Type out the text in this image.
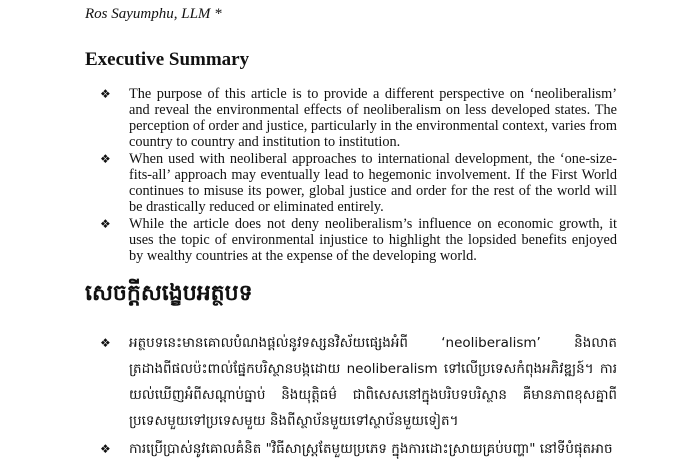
Ros Sayumphu, LLM *
Executive Summary
❖ The purpose of this article is to provide a different perspective on ‘neoliberalism’ and reveal the environmental effects of neoliberalism on less developed states. The perception of order and justice, particularly in the environmental context, varies from country to country and institution to institution.
❖ When used with neoliberal approaches to international development, the ‘one-size-fits-all’ approach may eventually lead to hegemonic involvement. If the First World continues to misuse its power, global justice and order for the rest of the world will be drastically reduced or eliminated entirely.
❖ While the article does not deny neoliberalism’s influence on economic growth, it uses the topic of environmental injustice to highlight the lopsided benefits enjoyed by wealthy countries at the expense of the developing world.
សេចក្តីសង្ខេបអត្ថបទ
❖ អត្ថបទនេះមានគោលបំណងផ្តល់នូវទស្សនវិស័យផ្សេងអំពី ‘neoliberalism’ និងលាតត្រដាងពីផលប៉ះពាល់ផ្នែកបរិស្ថានបង្កដោយ neoliberalism ទៅលើប្រទេសកំពុងអភិវឌ្ឍន៍។ ការយល់ឃើញអំពីសណ្តាប់ធ្នាប់ និងយុត្តិធម៌ ជាពិសេសនៅក្នុងបរិបទបរិស្ថាន គឺមានភាពខុសគ្នាពីប្រទេសមួយទៅប្រទេសមួយ និងពីស្ថាប័នមួយទៅស្ថាប័នមួយទៀត។
❖ ការប្រើប្រាស់នូវគោលគំនិត "វិធីសាស្ត្រតែមួយប្រភេទ ក្នុងការដោះស្រាយគ្រប់បញ្ហា" នៅទីបំផុតអាច
